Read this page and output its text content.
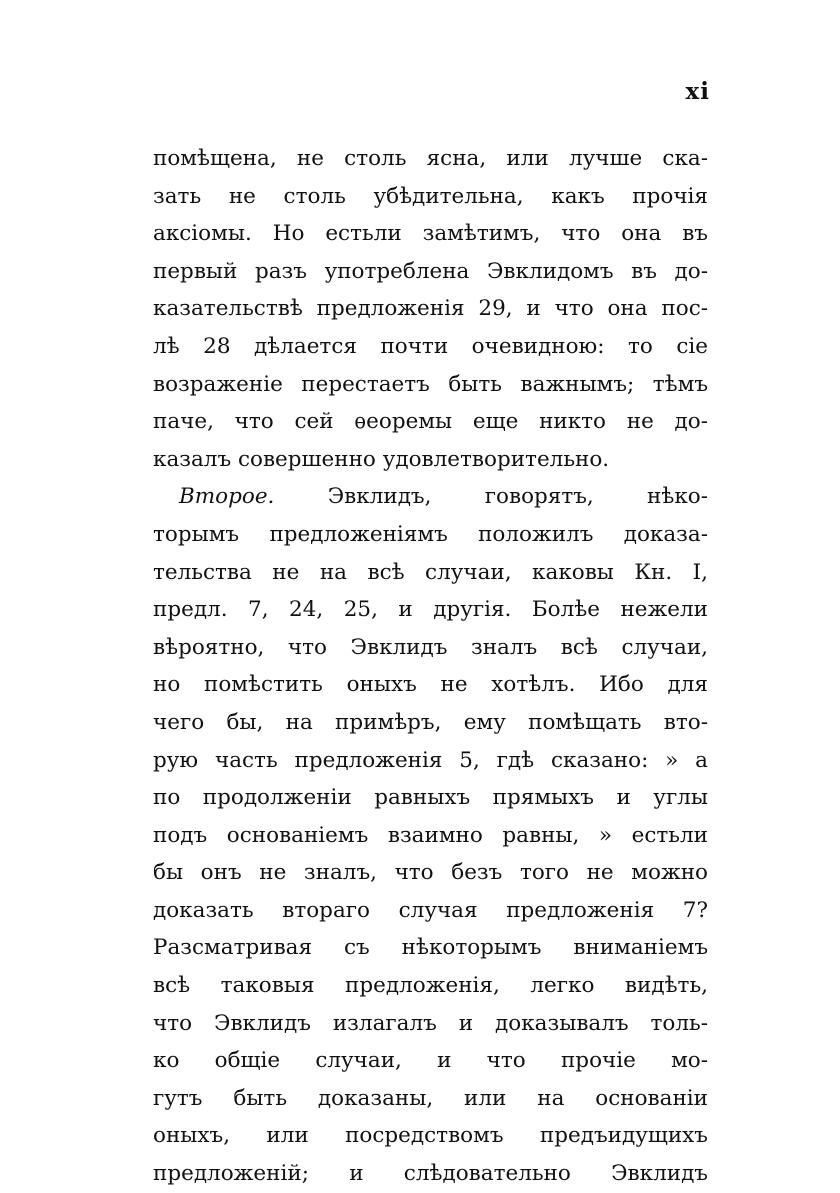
xi
помѣщена, не столь ясна, или лучше ска-
зать не столь убѣдительна, какъ прочія
аксіомы. Но естьли замѣтимъ, что она въ
первый разъ употреблена Эвклидомъ въ до-
казательствѣ предложенія 29, и что она пос-
лѣ 28 дѣлается почти очевидною: то сіе
возраженіе перестаетъ быть важнымъ; тѣмъ
паче, что сей ѳеоремы еще никто не до-
казалъ совершенно удовлетворительно.
Второе. Эвклидъ, говорятъ, нѣко-
торымъ предложеніямъ положилъ доказа-
тельства не на всѣ случаи, каковы Кн. I,
предл. 7, 24, 25, и другія. Болѣе нежели
вѣроятно, что Эвклидъ зналъ всѣ случаи,
но помѣстить оныхъ не хотѣлъ. Ибо для
чего бы, на примѣръ, ему помѣщать вто-
рую часть предложенія 5, гдѣ сказано: » а
по продолженіи равныхъ прямыхъ и углы
подъ основаніемъ взаимно равны, » естьли
бы онъ не зналъ, что безъ того не можно
доказать втораго случая предложенія 7?
Разсматривая съ нѣкоторымъ вниманіемъ
всѣ таковыя предложенія, легко видѣть,
что Эвклидъ излагалъ и доказывалъ толь-
ко общіе случаи, и что прочіе мо-
гутъ быть доказаны, или на основаніи
оныхъ, или посредствомъ предъидущихъ
предложеній; и слѣдовательно Эвклидъ
